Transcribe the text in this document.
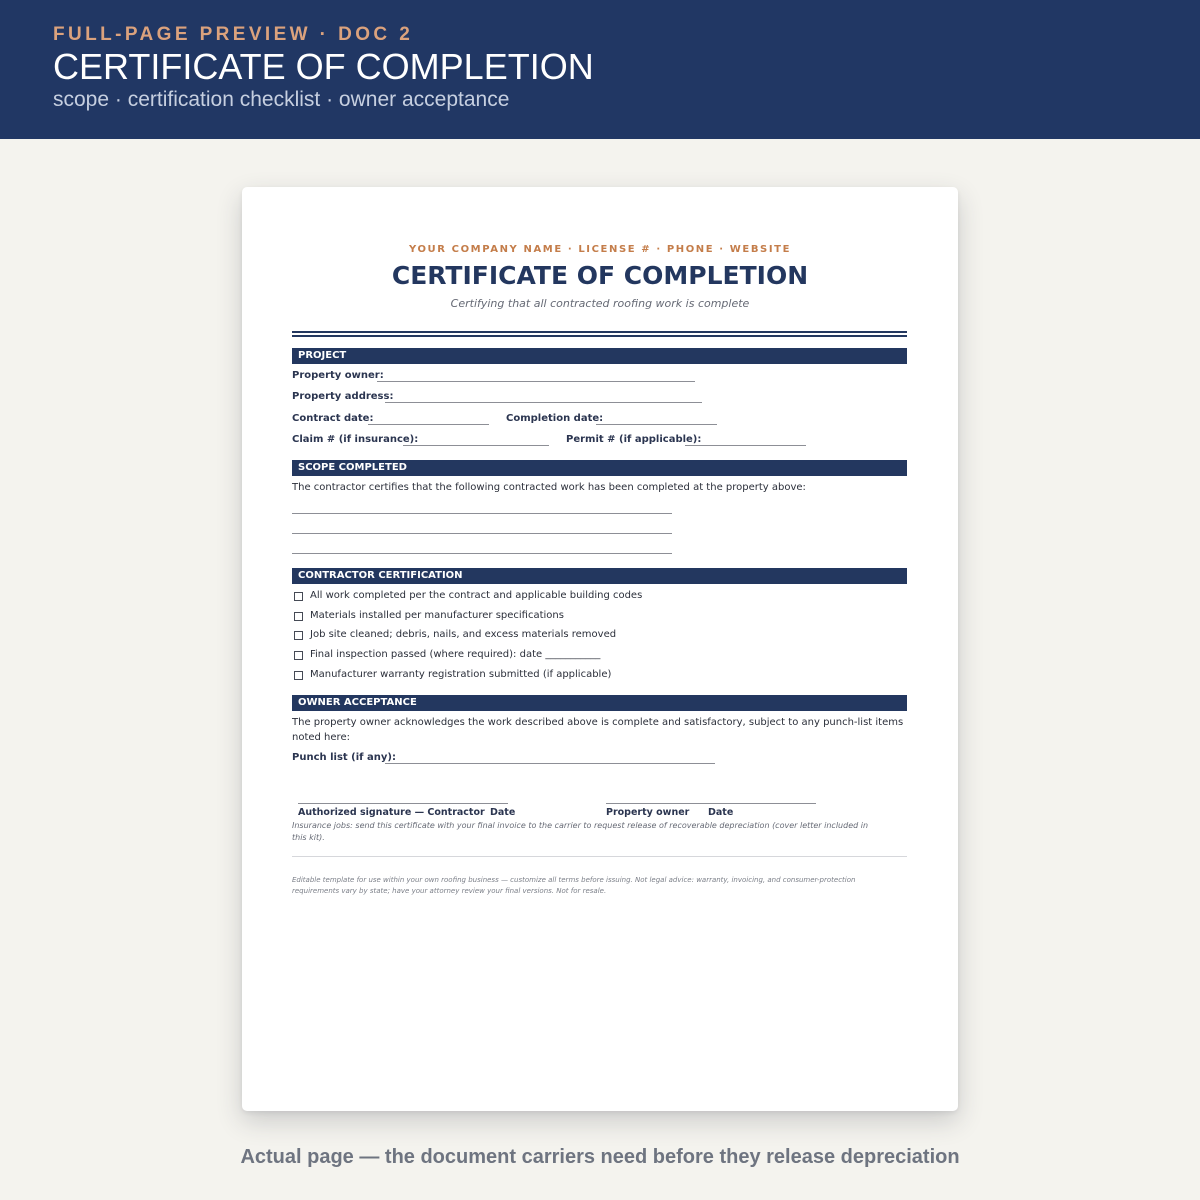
FULL-PAGE PREVIEW · DOC 2
CERTIFICATE OF COMPLETION
scope · certification checklist · owner acceptance
YOUR COMPANY NAME · LICENSE # · PHONE · WEBSITE
CERTIFICATE OF COMPLETION
Certifying that all contracted roofing work is complete
PROJECT
Property owner:
Property address:
Contract date:	Completion date:
Claim # (if insurance):	Permit # (if applicable):
SCOPE COMPLETED
The contractor certifies that the following contracted work has been completed at the property above:
CONTRACTOR CERTIFICATION
All work completed per the contract and applicable building codes
Materials installed per manufacturer specifications
Job site cleaned; debris, nails, and excess materials removed
Final inspection passed (where required): date ___________
Manufacturer warranty registration submitted (if applicable)
OWNER ACCEPTANCE
The property owner acknowledges the work described above is complete and satisfactory, subject to any punch-list items
noted here:
Punch list (if any):
Authorized signature — Contractor Date	Property owner Date
Insurance jobs: send this certificate with your final invoice to the carrier to request release of recoverable depreciation (cover letter included in
this kit).
Editable template for use within your own roofing business — customize all terms before issuing. Not legal advice: warranty, invoicing, and consumer-protection
requirements vary by state; have your attorney review your final versions. Not for resale.
Actual page — the document carriers need before they release depreciation
